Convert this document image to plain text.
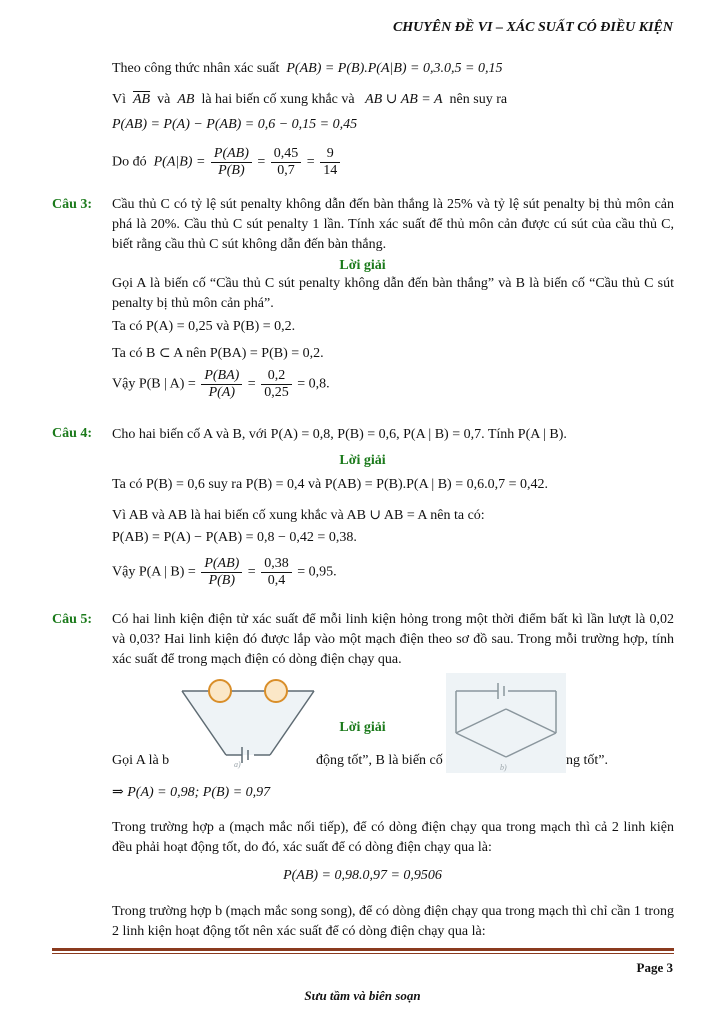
CHUYÊN ĐỀ VI – XÁC SUẤT CÓ ĐIỀU KIỆN
Theo công thức nhân xác suất P(AB) = P(B).P(A|B) = 0,3.0,5 = 0,15
Vì $\overline{AB}$ và AB là hai biến cố xung khắc và AB ∪ AB = A nên suy ra
P(AB) = P(A) − P(AB) = 0,6 − 0,15 = 0,45
Do đó $P(A|B) = \frac{P(AB)}{P(B)} = \frac{0,45}{0,7} = \frac{9}{14}$
Câu 3: Cầu thủ C có tỷ lệ sút penalty không dẫn đến bàn thắng là 25% và tỷ lệ sút penalty bị thủ môn cản phá là 20%. Cầu thủ C sút penalty 1 lần. Tính xác suất để thủ môn cản được cú sút của cầu thủ C, biết rằng cầu thủ C sút không dẫn đến bàn thắng.
Lời giải
Gọi A là biến cố “Cầu thủ C sút penalty không dẫn đến bàn thắng” và B là biến cố “Cầu thủ C sút penalty bị thủ môn cản phá”.
Ta có P(A) = 0,25 và P(B) = 0,2.
Ta có B ⊂ A nên P(BA) = P(B) = 0,2.
Vậy P(B | $A) = \frac{P(BA)}{P(A)} = \frac{0,2}{0,25} = 0,8$.
Câu 4: Cho hai biến cố A và B, với P(A) = 0,8, P(B) = 0,6, P(A | B) = 0,7. Tính P(A | B).
Lời giải
Ta có P(B) = 0,6 suy ra P(B) = 0,4 và P(AB) = P(B).P(A | B) = 0,6.0,7 = 0,42.
Vì AB và AB là hai biến cố xung khắc và AB ∪ AB = A nên ta có:
P(AB) = P(A) − P(AB) = 0,8 − 0,42 = 0,38.
Vậy P(A | $B) = \frac{P(AB)}{P(B)} = \frac{0,38}{0,4} = 0,95$.
Câu 5: Có hai linh kiện điện tử xác suất để mỗi linh kiện hỏng trong một thời điểm bất kì lần lượt là 0,02 và 0,03? Hai linh kiện đó được lắp vào một mạch điện theo sơ đồ sau. Trong mỗi trường hợp, tính xác suất để trong mạch điện có dòng điện chạy qua.
a)	b)
Lời giải
Gọi A là b	động tốt”, B là biến cố	ng tốt”.
⇒ P(A) = 0,98; P(B) = 0,97
Trong trường hợp a (mạch mắc nối tiếp), để có dòng điện chạy qua trong mạch thì cả 2 linh kiện đều phải hoạt động tốt, do đó, xác suất để có dòng điện chạy qua là:
P(AB) = 0,98.0,97 = 0,9506
Trong trường hợp b (mạch mắc song song), để có dòng điện chạy qua trong mạch thì chỉ cần 1 trong 2 linh kiện hoạt động tốt nên xác suất để có dòng điện chạy qua là:
Page 3
Sưu tầm và biên soạn
